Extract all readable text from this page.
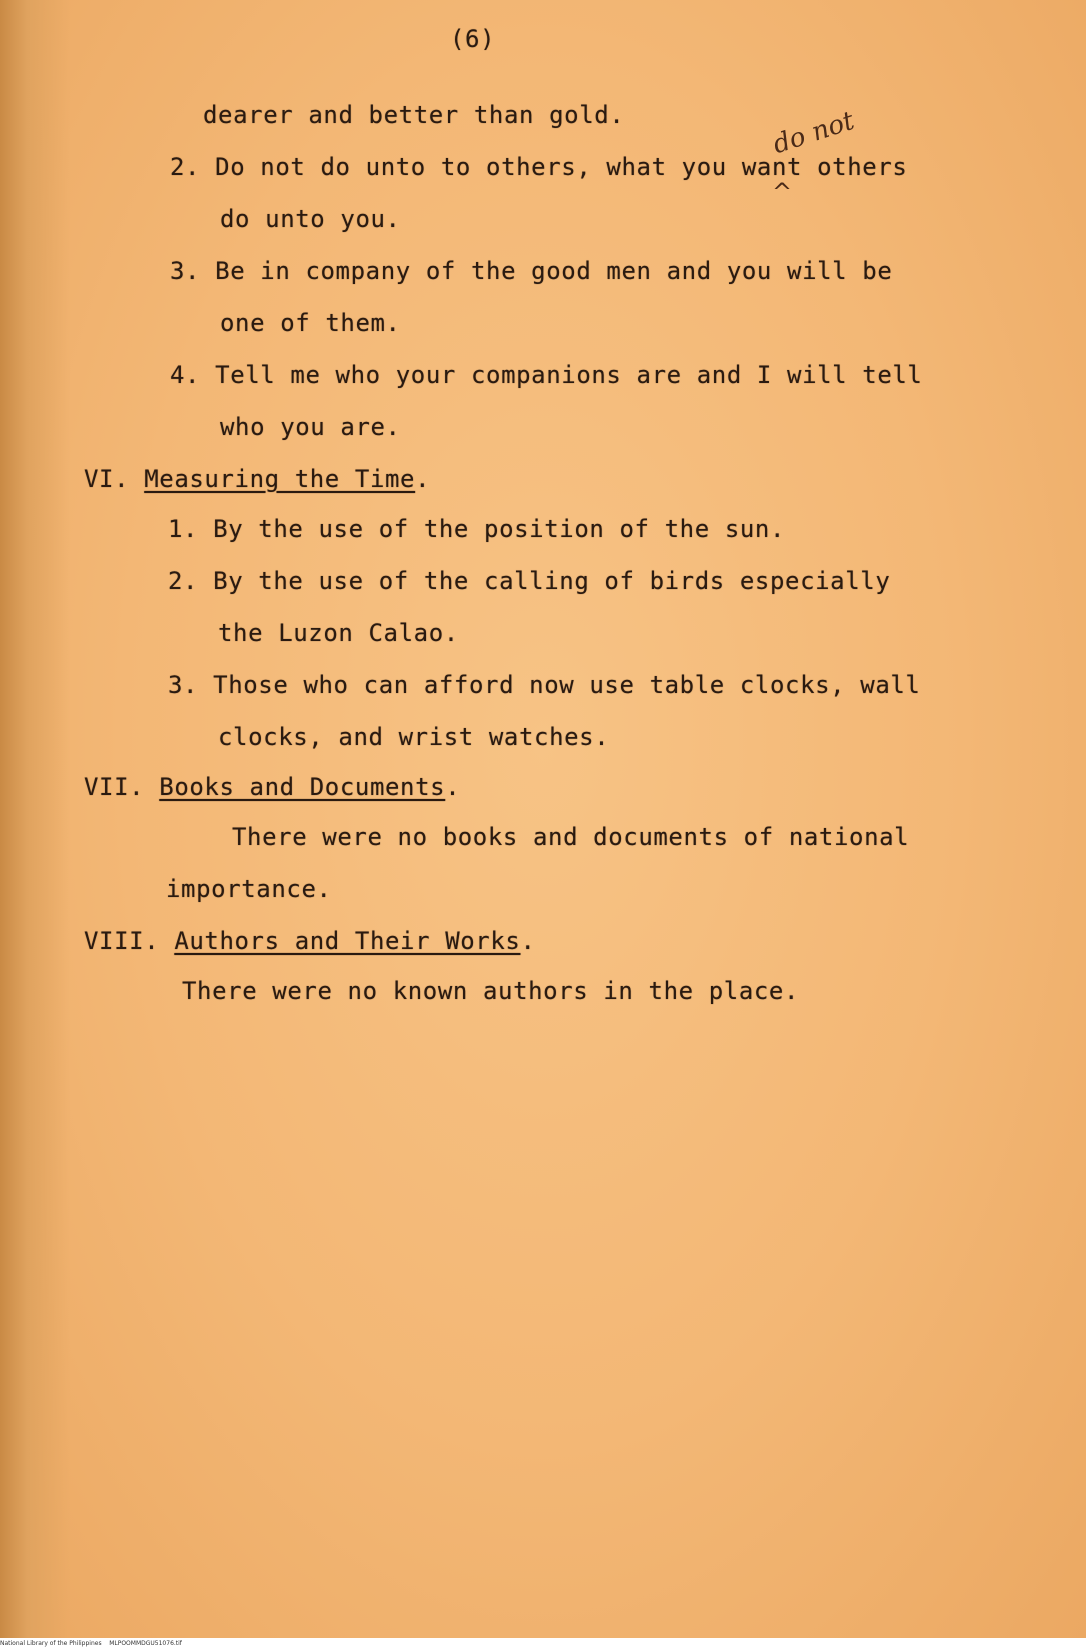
(6)
dearer and better than gold.
2. Do not do unto to others, what you want others
do not
^
do unto you.
3. Be in company of the good men and you will be
one of them.
4. Tell me who your companions are and I will tell
who you are.
VI. Measuring the Time.
1. By the use of the position of the sun.
2. By the use of the calling of birds especially
the Luzon Calao.
3. Those who can afford now use table clocks, wall
clocks, and wrist watches.
VII. Books and Documents.
There were no books and documents of national
importance.
VIII. Authors and Their Works.
There were no known authors in the place.
National Library of the Philippines    MLPOOMMDGU51076.tif
